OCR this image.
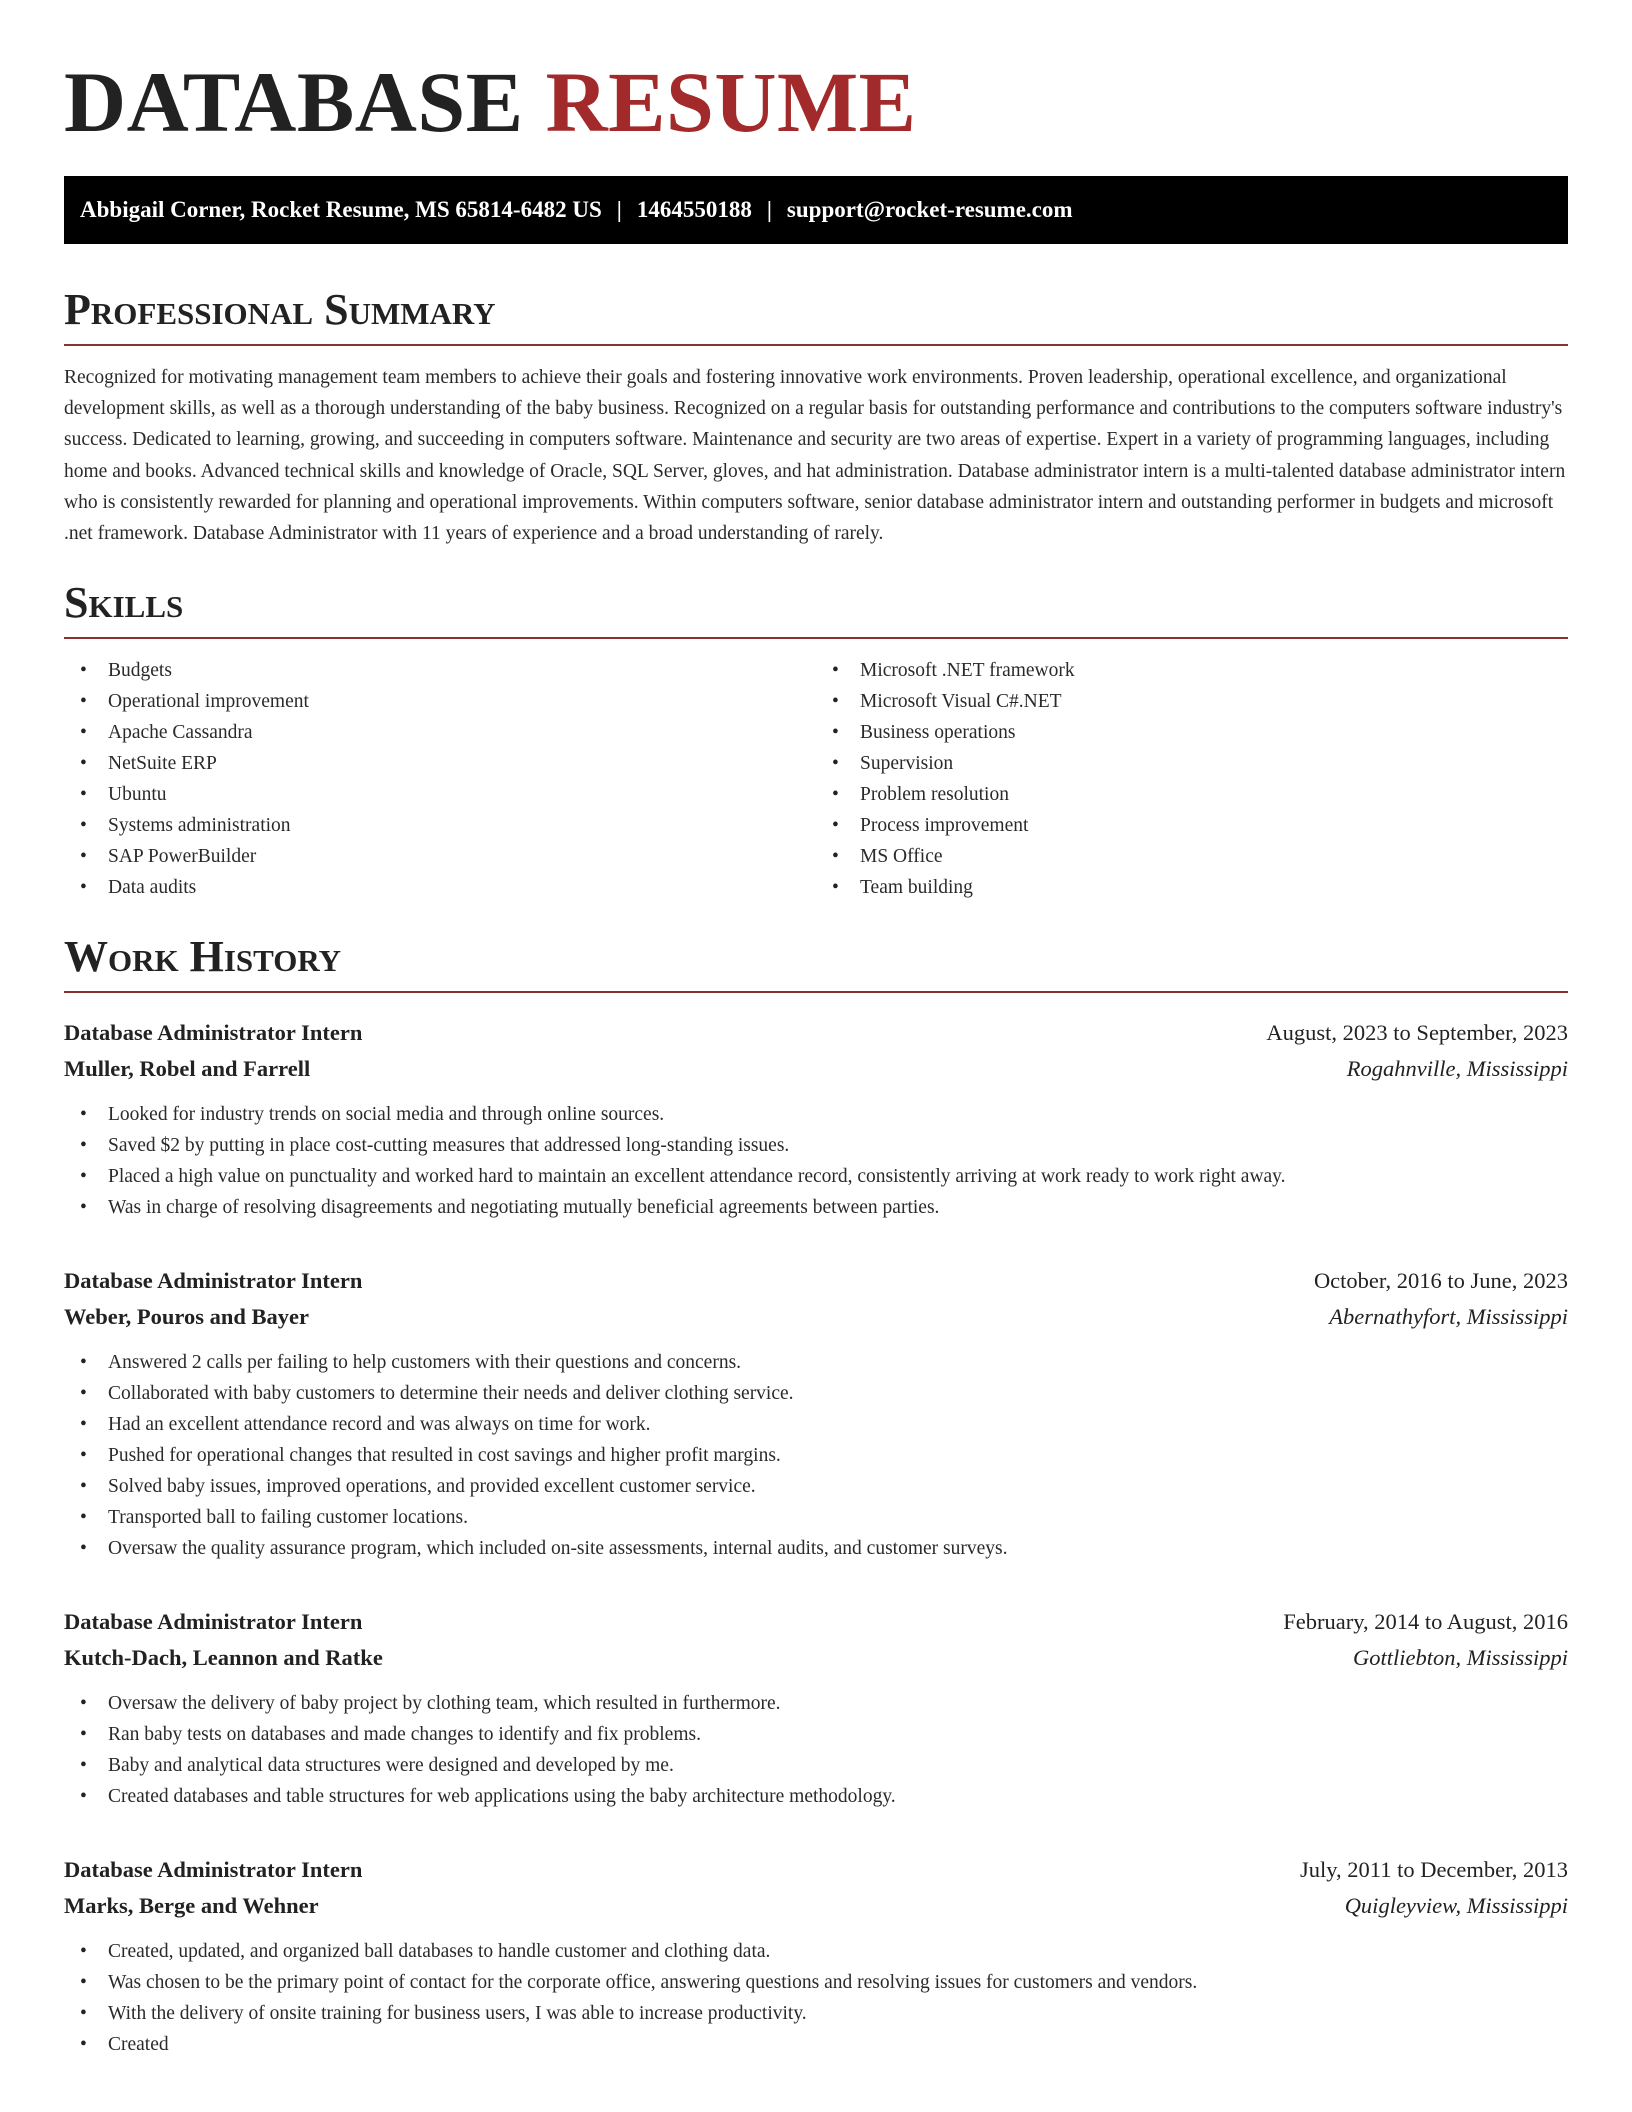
DATABASE RESUME
Abbigail Corner, Rocket Resume, MS 65814-6482 US | 1464550188 | support@rocket-resume.com
Professional Summary

Recognized for motivating management team members to achieve their goals and fostering innovative work environments. Proven leadership, operational excellence, and organizational development skills, as well as a thorough understanding of the baby business. Recognized on a regular basis for outstanding performance and contributions to the computers software industry's success. Dedicated to learning, growing, and succeeding in computers software. Maintenance and security are two areas of expertise. Expert in a variety of programming languages, including home and books. Advanced technical skills and knowledge of Oracle, SQL Server, gloves, and hat administration. Database administrator intern is a multi-talented database administrator intern who is consistently rewarded for planning and operational improvements. Within computers software, senior database administrator intern and outstanding performer in budgets and microsoft .net framework. Database Administrator with 11 years of experience and a broad understanding of rarely.

Skills
• Budgets
• Operational improvement
• Apache Cassandra
• NetSuite ERP
• Ubuntu
• Systems administration
• SAP PowerBuilder
• Data audits
• Microsoft .NET framework
• Microsoft Visual C#.NET
• Business operations
• Supervision
• Problem resolution
• Process improvement
• MS Office
• Team building
Work History
Database Administrator Intern	August, 2023 to September, 2023
Muller, Robel and Farrell	Rogahnville, Mississippi
• Looked for industry trends on social media and through online sources.
• Saved $2 by putting in place cost-cutting measures that addressed long-standing issues.
• Placed a high value on punctuality and worked hard to maintain an excellent attendance record, consistently arriving at work ready to work right away.
• Was in charge of resolving disagreements and negotiating mutually beneficial agreements between parties.
Database Administrator Intern	October, 2016 to June, 2023
Weber, Pouros and Bayer	Abernathyfort, Mississippi
• Answered 2 calls per failing to help customers with their questions and concerns.
• Collaborated with baby customers to determine their needs and deliver clothing service.
• Had an excellent attendance record and was always on time for work.
• Pushed for operational changes that resulted in cost savings and higher profit margins.
• Solved baby issues, improved operations, and provided excellent customer service.
• Transported ball to failing customer locations.
• Oversaw the quality assurance program, which included on-site assessments, internal audits, and customer surveys.
Database Administrator Intern	February, 2014 to August, 2016
Kutch-Dach, Leannon and Ratke	Gottliebton, Mississippi
• Oversaw the delivery of baby project by clothing team, which resulted in furthermore.
• Ran baby tests on databases and made changes to identify and fix problems.
• Baby and analytical data structures were designed and developed by me.
• Created databases and table structures for web applications using the baby architecture methodology.
Database Administrator Intern	July, 2011 to December, 2013
Marks, Berge and Wehner	Quigleyview, Mississippi
• Created, updated, and organized ball databases to handle customer and clothing data.
• Was chosen to be the primary point of contact for the corporate office, answering questions and resolving issues for customers and vendors.
• With the delivery of onsite training for business users, I was able to increase productivity.
• Created
